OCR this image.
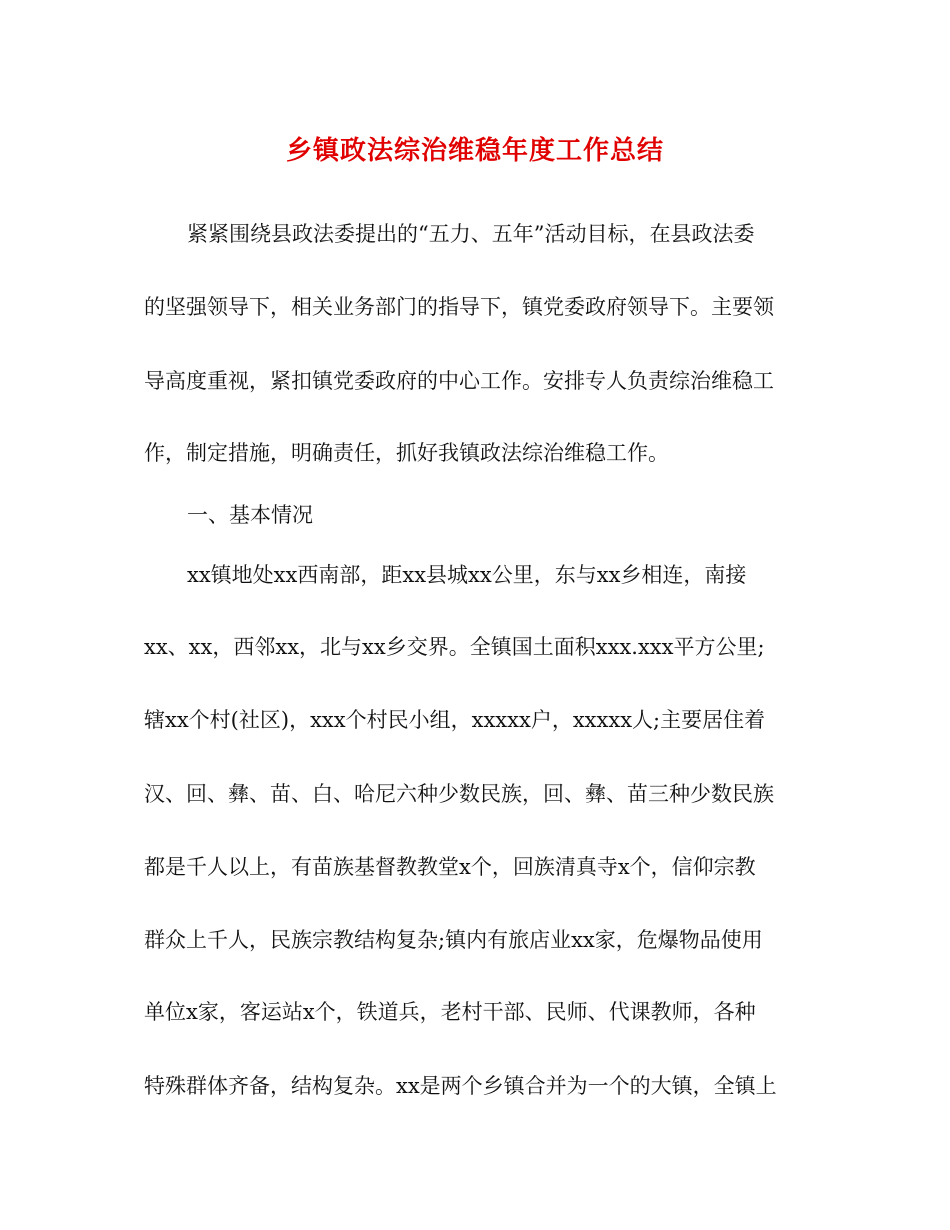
乡镇政法综治维稳年度工作总结

紧紧围绕县政法委提出的“五力、五年”活动目标，在县政法委

的坚强领导下，相关业务部门的指导下，镇党委政府领导下。主要领

导高度重视，紧扣镇党委政府的中心工作。安排专人负责综治维稳工

作，制定措施，明确责任，抓好我镇政法综治维稳工作。

一、基本情况

xx镇地处xx西南部，距xx县城xx公里，东与xx乡相连，南接

xx、xx，西邻xx，北与xx乡交界。全镇国土面积xxx.xxx平方公里;

辖xx个村(社区)，xxx个村民小组，xxxxx户，xxxxx人;主要居住着

汉、回、彝、苗、白、哈尼六种少数民族，回、彝、苗三种少数民族

都是千人以上，有苗族基督教教堂x个，回族清真寺x个，信仰宗教

群众上千人，民族宗教结构复杂;镇内有旅店业xx家，危爆物品使用

单位x家，客运站x个，铁道兵，老村干部、民师、代课教师，各种

特殊群体齐备，结构复杂。xx是两个乡镇合并为一个的大镇，全镇上
